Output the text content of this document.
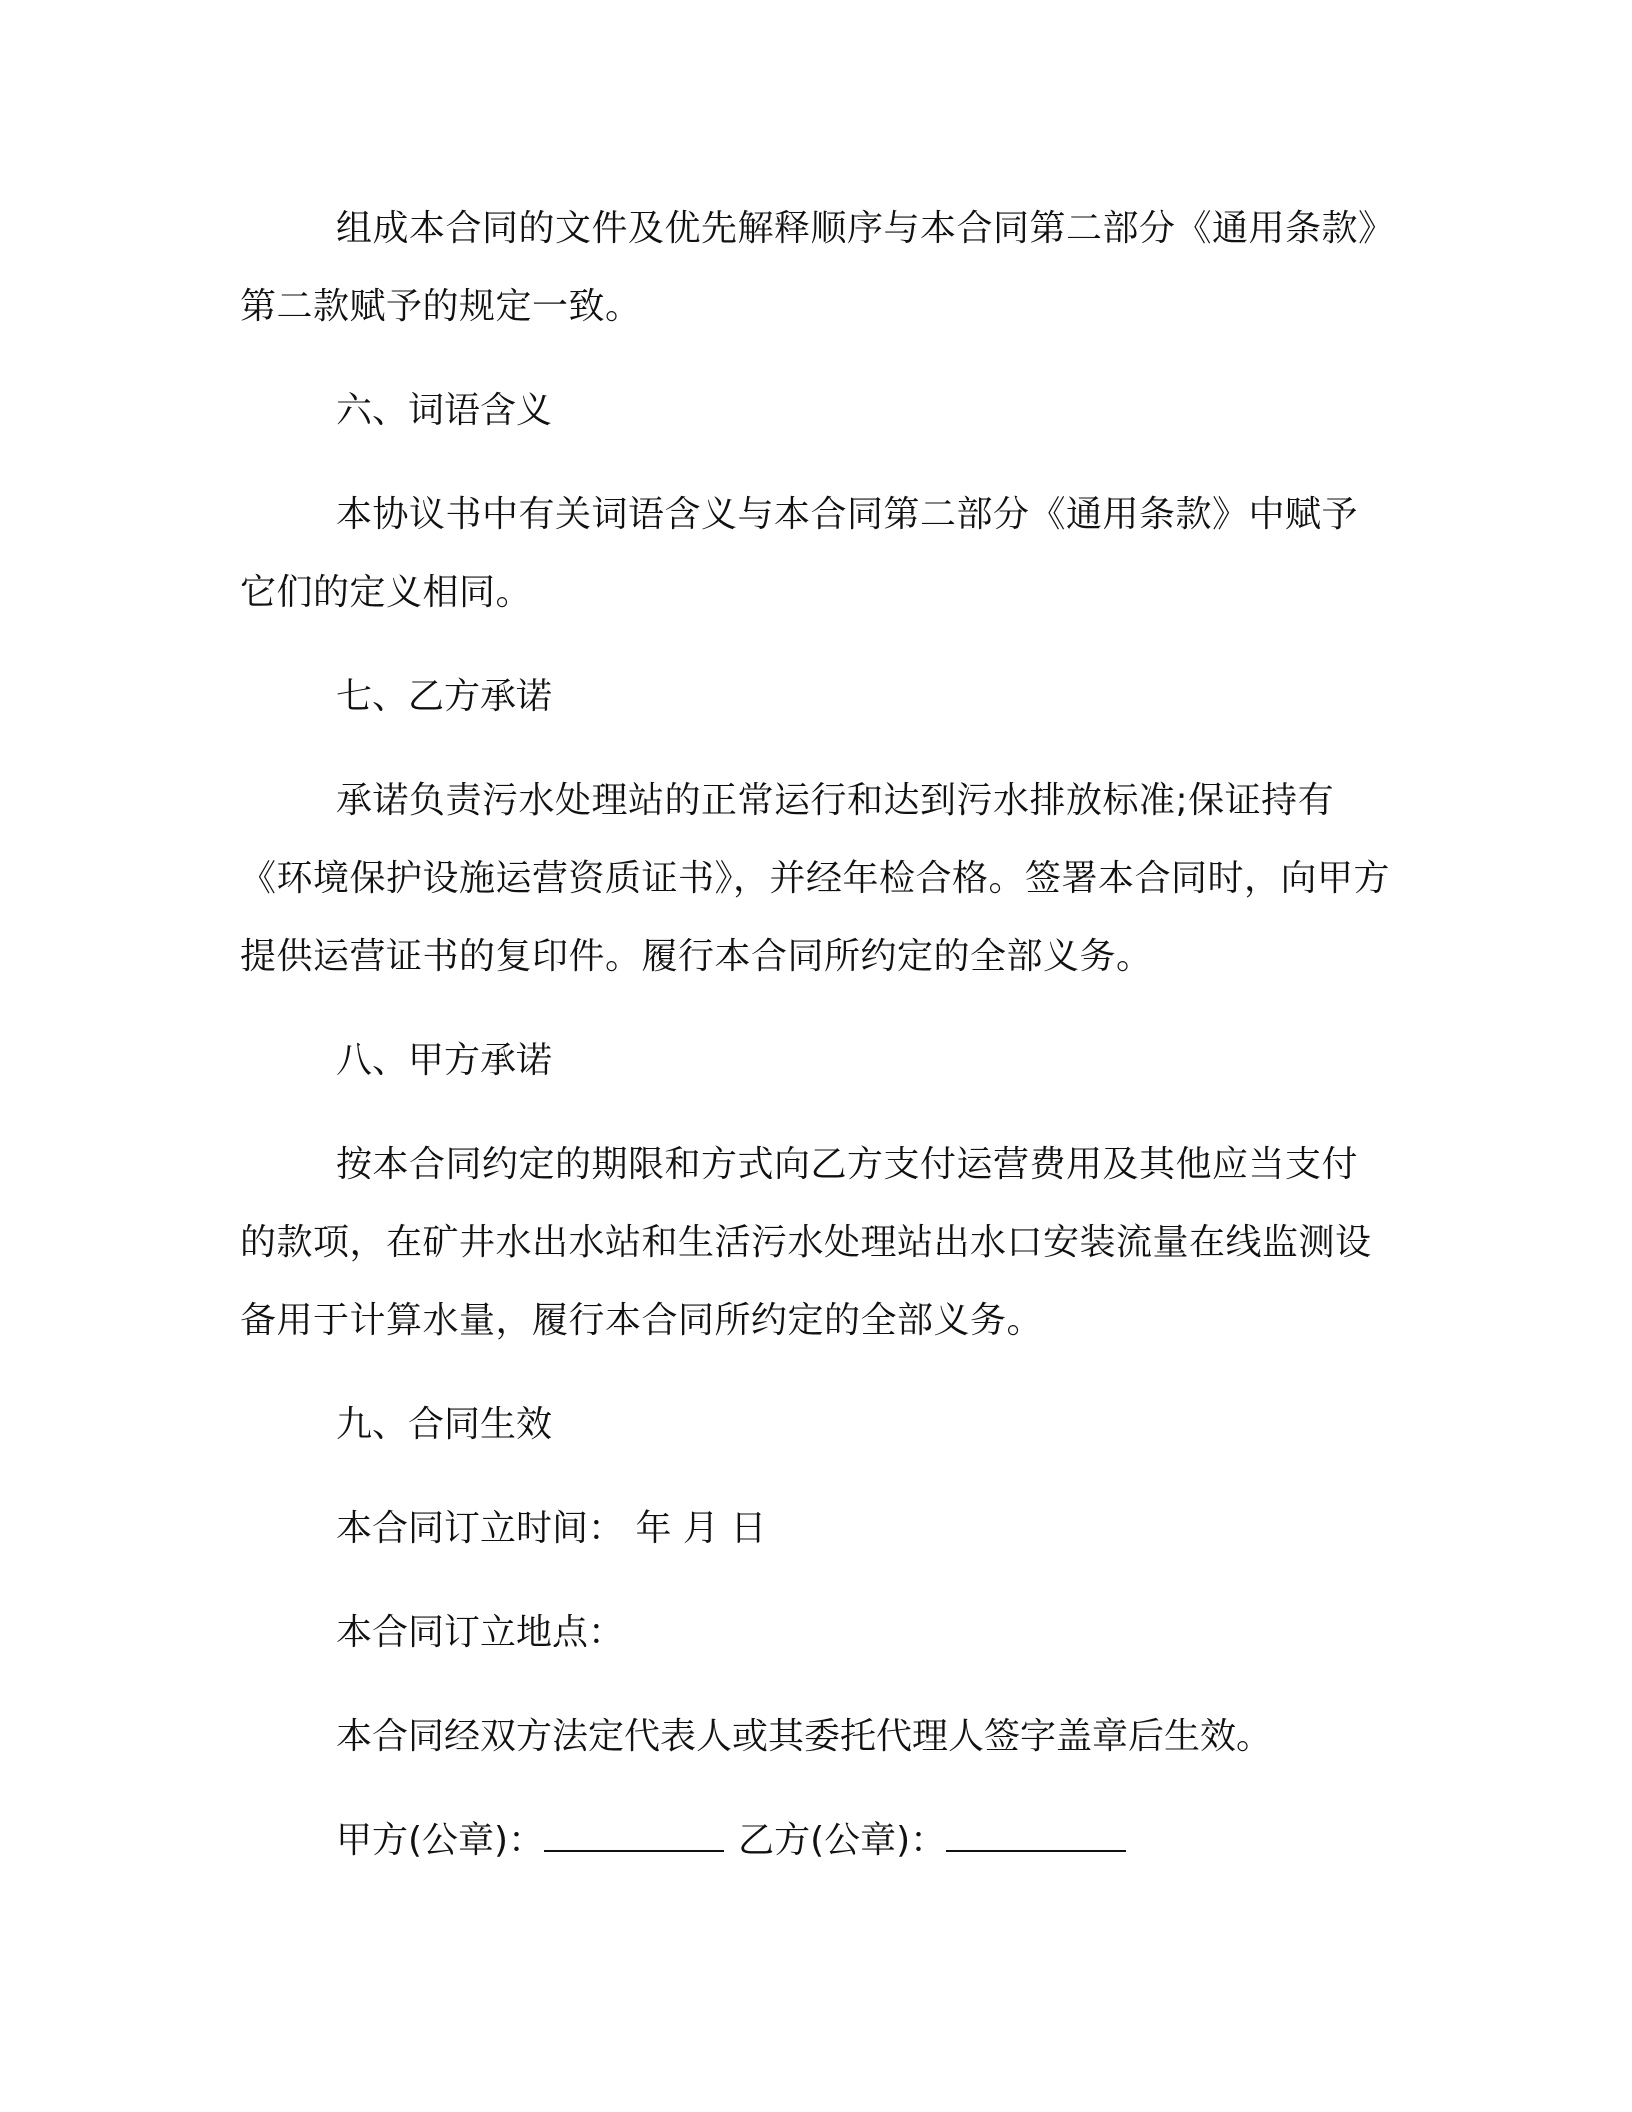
组成本合同的文件及优先解释顺序与本合同第二部分《通用条款》第二款赋予的规定一致。

六、词语含义

本协议书中有关词语含义与本合同第二部分《通用条款》中赋予它们的定义相同。

七、乙方承诺

承诺负责污水处理站的正常运行和达到污水排放标准;保证持有《环境保护设施运营资质证书》，并经年检合格。签署本合同时，向甲方提供运营证书的复印件。履行本合同所约定的全部义务。

八、甲方承诺

按本合同约定的期限和方式向乙方支付运营费用及其他应当支付的款项，在矿井水出水站和生活污水处理站出水口安装流量在线监测设备用于计算水量，履行本合同所约定的全部义务。

九、合同生效

本合同订立时间： 年 月 日

本合同订立地点：

本合同经双方法定代表人或其委托代理人签字盖章后生效。

甲方(公章)：	乙方(公章)：
